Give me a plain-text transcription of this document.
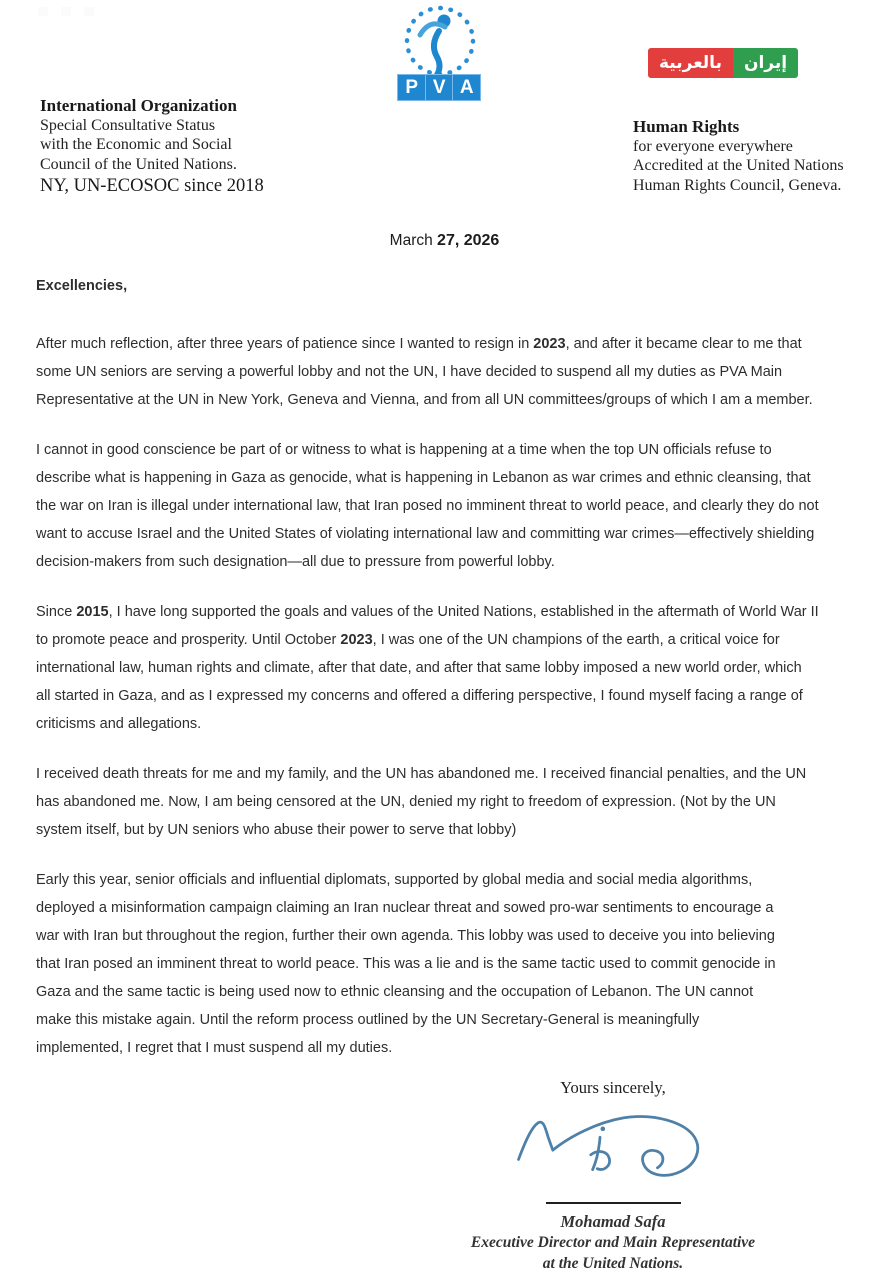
P V A
إيران
بالعربية
International Organization
Special Consultative Status
with the Economic and Social
Council of the United Nations.
NY, UN-ECOSOC since 2018
Human Rights
for everyone everywhere
Accredited at the United Nations
Human Rights Council, Geneva.
March 27, 2026
Excellencies,

After much reflection, after three years of patience since I wanted to resign in 2023, and after it became clear to me that
some UN seniors are serving a powerful lobby and not the UN, I have decided to suspend all my duties as PVA Main
Representative at the UN in New York, Geneva and Vienna, and from all UN committees/groups of which I am a member.

I cannot in good conscience be part of or witness to what is happening at a time when the top UN officials refuse to
describe what is happening in Gaza as genocide, what is happening in Lebanon as war crimes and ethnic cleansing, that
the war on Iran is illegal under international law, that Iran posed no imminent threat to world peace, and clearly they do not
want to accuse Israel and the United States of violating international law and committing war crimes—effectively shielding
decision-makers from such designation—all due to pressure from powerful lobby.

Since 2015, I have long supported the goals and values of the United Nations, established in the aftermath of World War II
to promote peace and prosperity. Until October 2023, I was one of the UN champions of the earth, a critical voice for
international law, human rights and climate, after that date, and after that same lobby imposed a new world order, which
all started in Gaza, and as I expressed my concerns and offered a differing perspective, I found myself facing a range of
criticisms and allegations.

I received death threats for me and my family, and the UN has abandoned me. I received financial penalties, and the UN
has abandoned me. Now, I am being censored at the UN, denied my right to freedom of expression. (Not by the UN
system itself, but by UN seniors who abuse their power to serve that lobby)

Early this year, senior officials and influential diplomats, supported by global media and social media algorithms,
deployed a misinformation campaign claiming an Iran nuclear threat and sowed pro-war sentiments to encourage a
war with Iran but throughout the region, further their own agenda. This lobby was used to deceive you into believing
that Iran posed an imminent threat to world peace. This was a lie and is the same tactic used to commit genocide in
Gaza and the same tactic is being used now to ethnic cleansing and the occupation of Lebanon. The UN cannot
make this mistake again. Until the reform process outlined by the UN Secretary-General is meaningfully
implemented, I regret that I must suspend all my duties.

Yours sincerely,
Mohamad Safa
Executive Director and Main Representative
at the United Nations.
